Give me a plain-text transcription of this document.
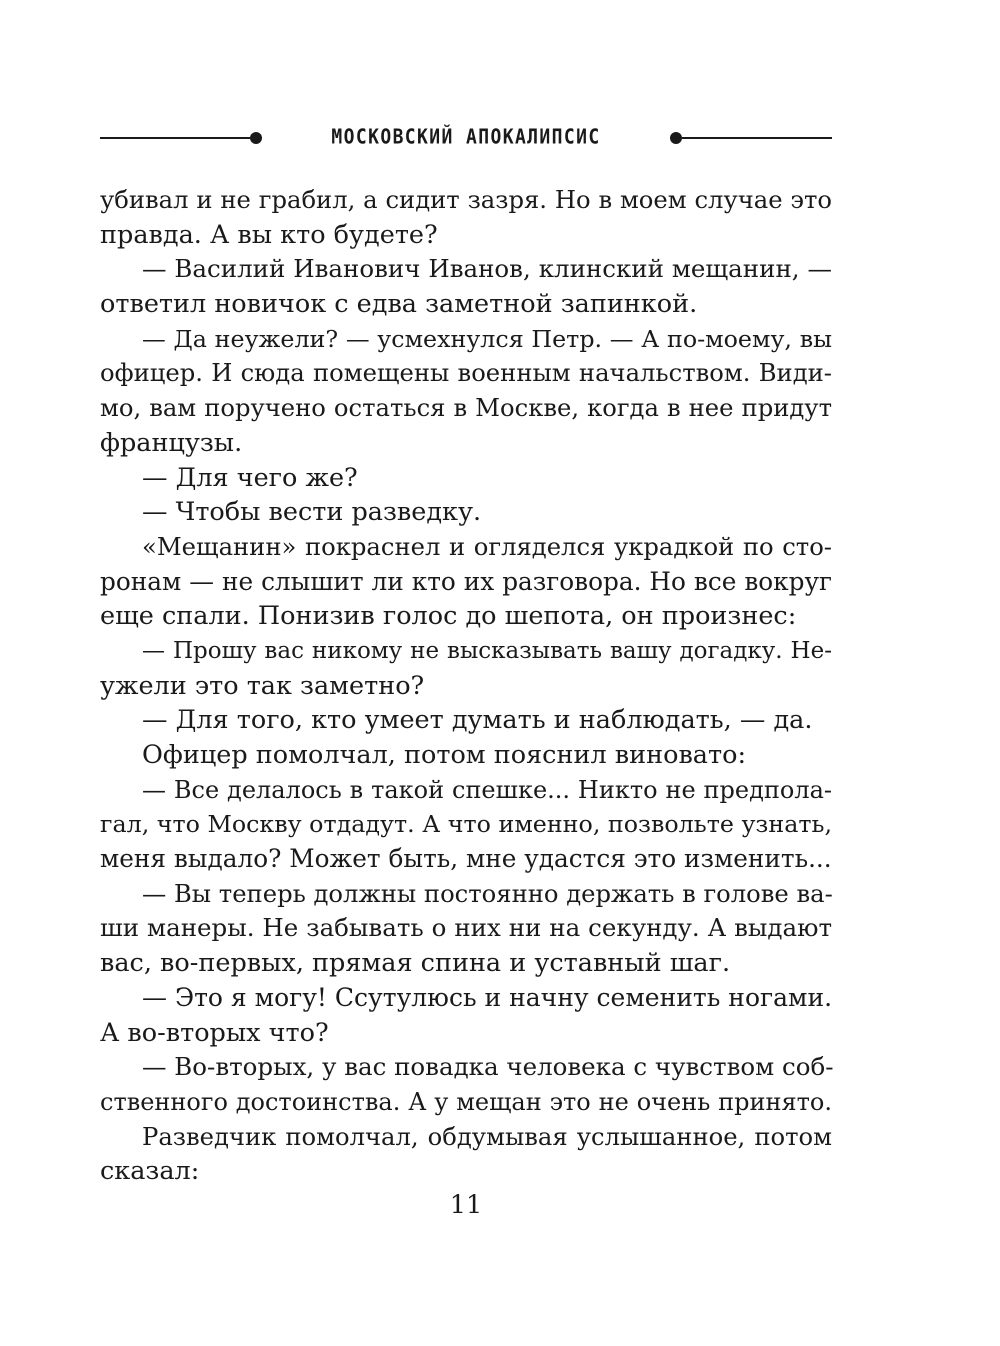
МОСКОВСКИЙ АПОКАЛИПСИС
убивал и не грабил, а сидит зазря. Но в моем случае это
правда. А вы кто будете?
— Василий Иванович Иванов, клинский мещанин, —
ответил новичок с едва заметной запинкой.
— Да неужели? — усмехнулся Петр. — А по-моему, вы
офицер. И сюда помещены военным начальством. Види-
мо, вам поручено остаться в Москве, когда в нее придут
французы.
— Для чего же?
— Чтобы вести разведку.
«Мещанин» покраснел и огляделся украдкой по сто-
ронам — не слышит ли кто их разговора. Но все вокруг
еще спали. Понизив голос до шепота, он произнес:
— Прошу вас никому не высказывать вашу догадку. Не-
ужели это так заметно?
— Для того, кто умеет думать и наблюдать, — да.
Офицер помолчал, потом пояснил виновато:
— Все делалось в такой спешке... Никто не предпола-
гал, что Москву отдадут. А что именно, позвольте узнать,
меня выдало? Может быть, мне удастся это изменить...
— Вы теперь должны постоянно держать в голове ва-
ши манеры. Не забывать о них ни на секунду. А выдают
вас, во-первых, прямая спина и уставный шаг.
— Это я могу! Ссутулюсь и начну семенить ногами.
А во-вторых что?
— Во-вторых, у вас повадка человека с чувством соб-
ственного достоинства. А у мещан это не очень принято.
Разведчик помолчал, обдумывая услышанное, потом
сказал:
11
